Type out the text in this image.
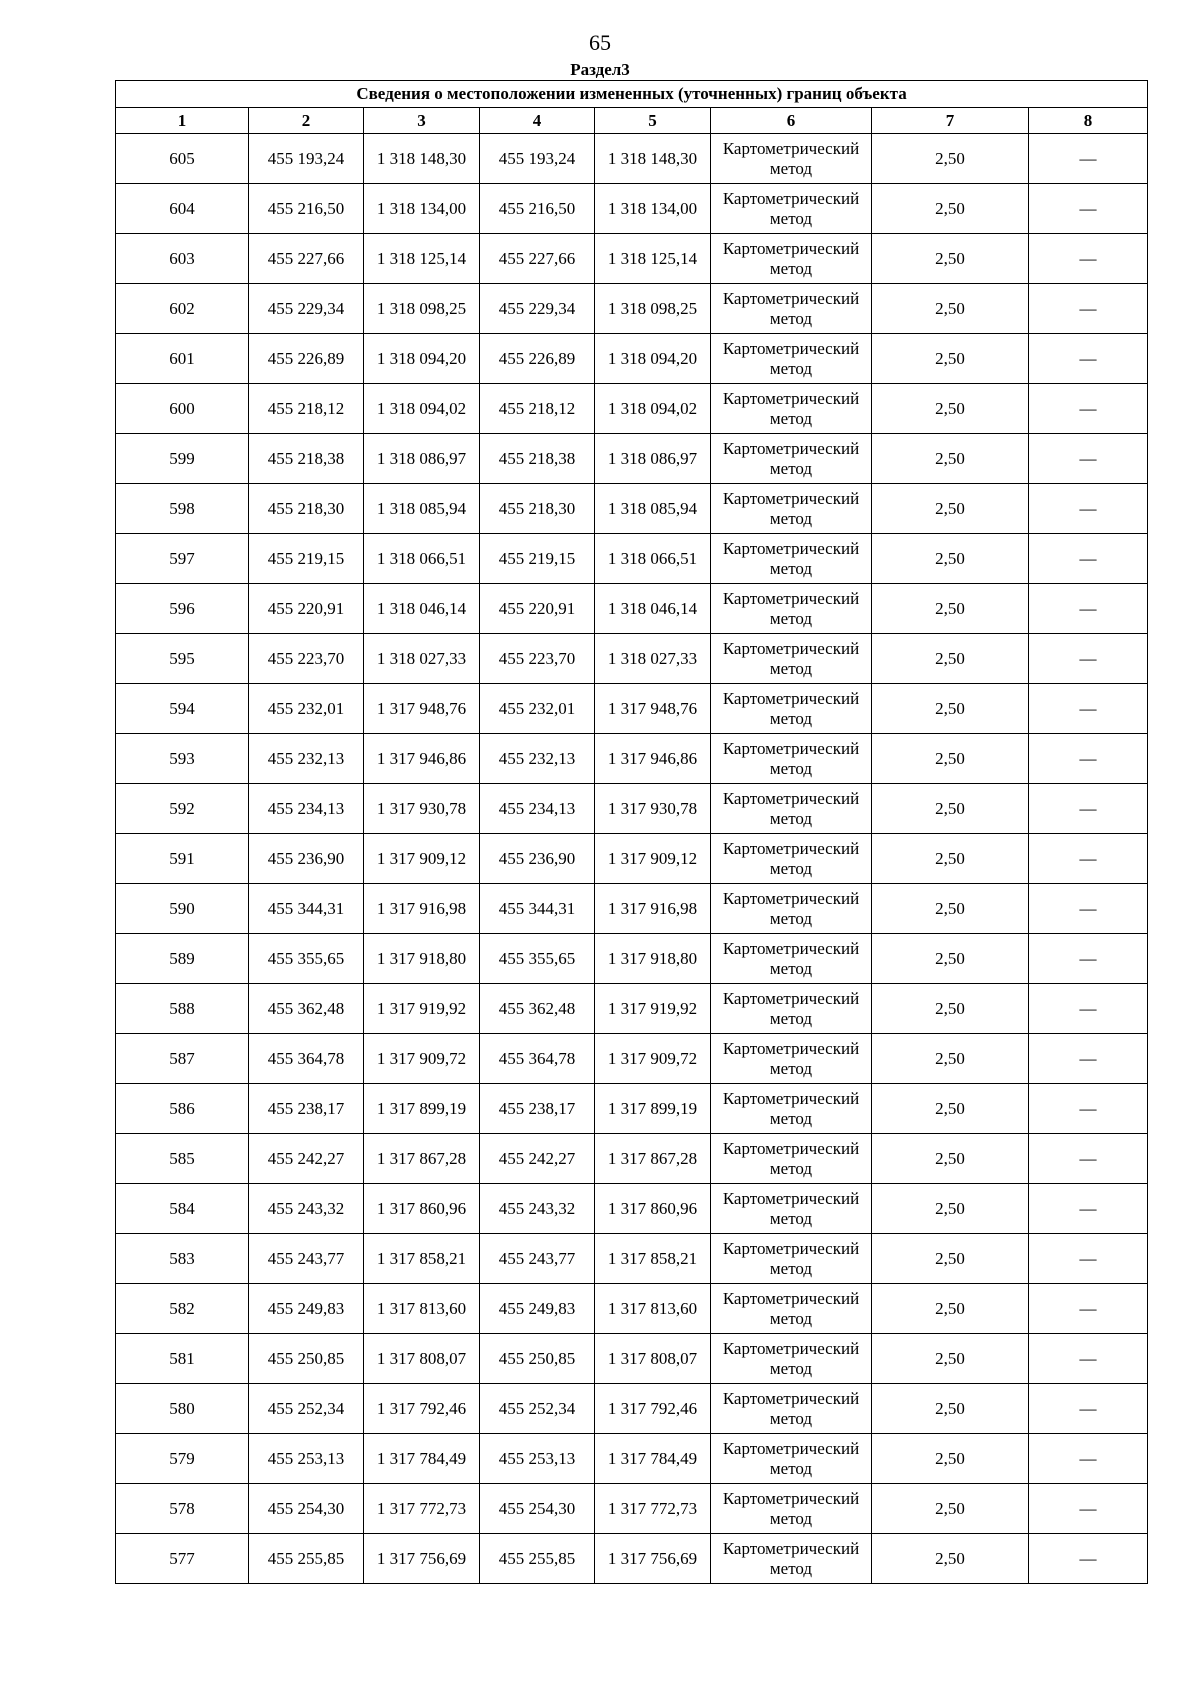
65
Раздел3
Сведения о местоположении измененных (уточненных) границ объекта							
1	2	3	4	5	6	7	8
605	455 193,24	1 318 148,30	455 193,24	1 318 148,30	Картометрический метод	2,50	—
604	455 216,50	1 318 134,00	455 216,50	1 318 134,00	Картометрический метод	2,50	—
603	455 227,66	1 318 125,14	455 227,66	1 318 125,14	Картометрический метод	2,50	—
602	455 229,34	1 318 098,25	455 229,34	1 318 098,25	Картометрический метод	2,50	—
601	455 226,89	1 318 094,20	455 226,89	1 318 094,20	Картометрический метод	2,50	—
600	455 218,12	1 318 094,02	455 218,12	1 318 094,02	Картометрический метод	2,50	—
599	455 218,38	1 318 086,97	455 218,38	1 318 086,97	Картометрический метод	2,50	—
598	455 218,30	1 318 085,94	455 218,30	1 318 085,94	Картометрический метод	2,50	—
597	455 219,15	1 318 066,51	455 219,15	1 318 066,51	Картометрический метод	2,50	—
596	455 220,91	1 318 046,14	455 220,91	1 318 046,14	Картометрический метод	2,50	—
595	455 223,70	1 318 027,33	455 223,70	1 318 027,33	Картометрический метод	2,50	—
594	455 232,01	1 317 948,76	455 232,01	1 317 948,76	Картометрический метод	2,50	—
593	455 232,13	1 317 946,86	455 232,13	1 317 946,86	Картометрический метод	2,50	—
592	455 234,13	1 317 930,78	455 234,13	1 317 930,78	Картометрический метод	2,50	—
591	455 236,90	1 317 909,12	455 236,90	1 317 909,12	Картометрический метод	2,50	—
590	455 344,31	1 317 916,98	455 344,31	1 317 916,98	Картометрический метод	2,50	—
589	455 355,65	1 317 918,80	455 355,65	1 317 918,80	Картометрический метод	2,50	—
588	455 362,48	1 317 919,92	455 362,48	1 317 919,92	Картометрический метод	2,50	—
587	455 364,78	1 317 909,72	455 364,78	1 317 909,72	Картометрический метод	2,50	—
586	455 238,17	1 317 899,19	455 238,17	1 317 899,19	Картометрический метод	2,50	—
585	455 242,27	1 317 867,28	455 242,27	1 317 867,28	Картометрический метод	2,50	—
584	455 243,32	1 317 860,96	455 243,32	1 317 860,96	Картометрический метод	2,50	—
583	455 243,77	1 317 858,21	455 243,77	1 317 858,21	Картометрический метод	2,50	—
582	455 249,83	1 317 813,60	455 249,83	1 317 813,60	Картометрический метод	2,50	—
581	455 250,85	1 317 808,07	455 250,85	1 317 808,07	Картометрический метод	2,50	—
580	455 252,34	1 317 792,46	455 252,34	1 317 792,46	Картометрический метод	2,50	—
579	455 253,13	1 317 784,49	455 253,13	1 317 784,49	Картометрический метод	2,50	—
578	455 254,30	1 317 772,73	455 254,30	1 317 772,73	Картометрический метод	2,50	—
577	455 255,85	1 317 756,69	455 255,85	1 317 756,69	Картометрический метод	2,50	—
